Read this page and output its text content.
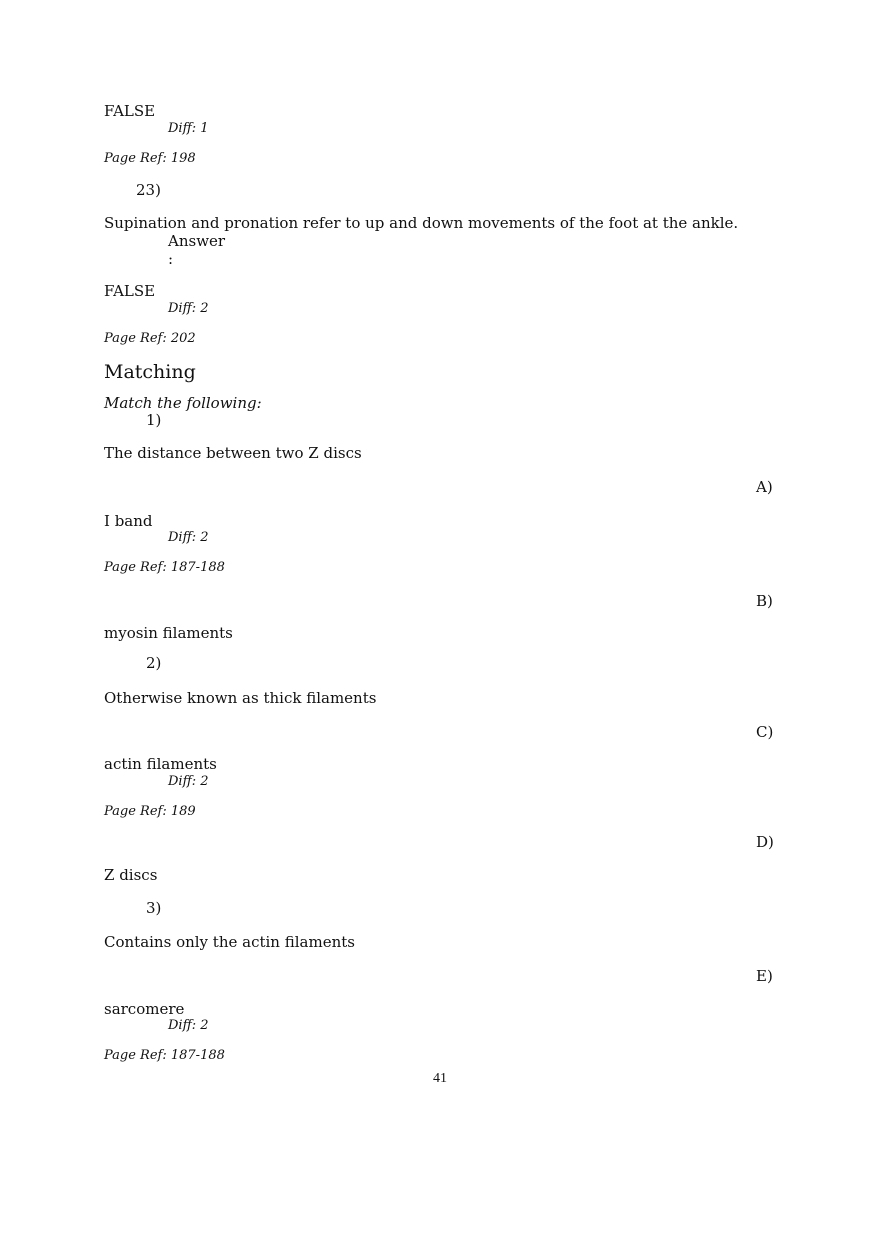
FALSE
Diff: 1
Page Ref: 198
23)
Supination and pronation refer to up and down movements of the foot at the ankle.
Answer
:
FALSE
Diff: 2
Page Ref: 202
Matching
Match the following:
1)
The distance between two Z discs
A)
I band
Diff: 2
Page Ref: 187-188
B)
myosin filaments
2)
Otherwise known as thick filaments
C)
actin filaments
Diff: 2
Page Ref: 189
D)
Z discs
3)
Contains only the actin filaments
E)
sarcomere
Diff: 2
Page Ref: 187-188
41
